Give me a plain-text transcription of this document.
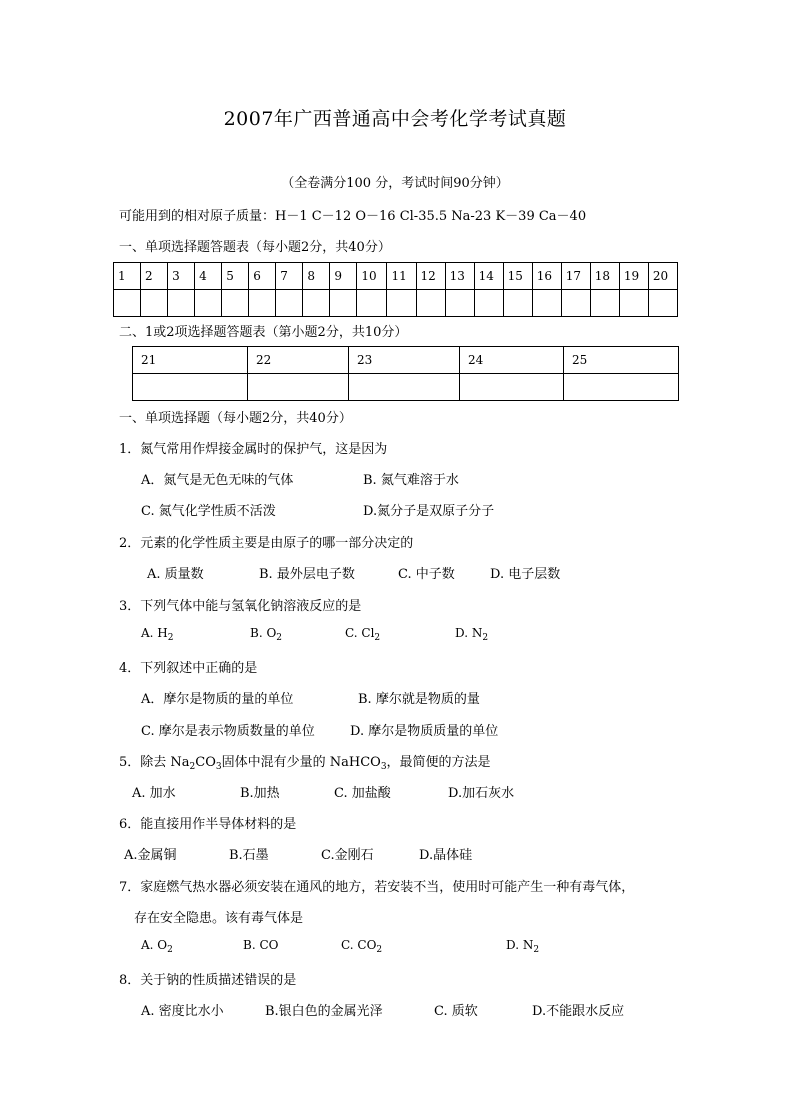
2007年广西普通高中会考化学考试真题
（全卷满分100 分，考试时间90分钟）
可能用到的相对原子质量：H－1 C－12 O－16 Cl-35.5 Na-23 K－39 Ca－40
一、单项选择题答题表（每小题2分，共40分）
1	2	3	4	5	6	7	8	9	10	11	12	13	14	15	16	17	18	19	20

二、1或2项选择题答题表（第小题2分，共10分）
21	22	23	24	25

一、单项选择题（每小题2分，共40分）
1．氮气常用作焊接金属时的保护气，这是因为
A．氮气是无色无味的气体	B. 氮气难溶于水
C. 氮气化学性质不活泼	D.氮分子是双原子分子
2．元素的化学性质主要是由原子的哪一部分决定的
A. 质量数	B. 最外层电子数	C. 中子数	D. 电子层数
3．下列气体中能与氢氧化钠溶液反应的是
A. $H_2$	B. $O_2$	C. $Cl_2$	D. $N_2$
4．下列叙述中正确的是
A．摩尔是物质的量的单位	B. 摩尔就是物质的量
C. 摩尔是表示物质数量的单位	D. 摩尔是物质质量的单位
5．除去 $Na_2CO_3$固体中混有少量的 NaHCO$_3$，最简便的方法是
A. 加水	B.加热	C. 加盐酸	D.加石灰水
6．能直接用作半导体材料的是
A.金属铜	B.石墨	C.金刚石	D.晶体硅
7．家庭燃气热水器必须安装在通风的地方，若安装不当，使用时可能产生一种有毒气体，
存在安全隐患。该有毒气体是
A. $O_2$	B. CO	C. $CO_2$	D. $N_2$
8．关于钠的性质描述错误的是
A. 密度比水小	B.银白色的金属光泽	C. 质软	D.不能跟水反应
